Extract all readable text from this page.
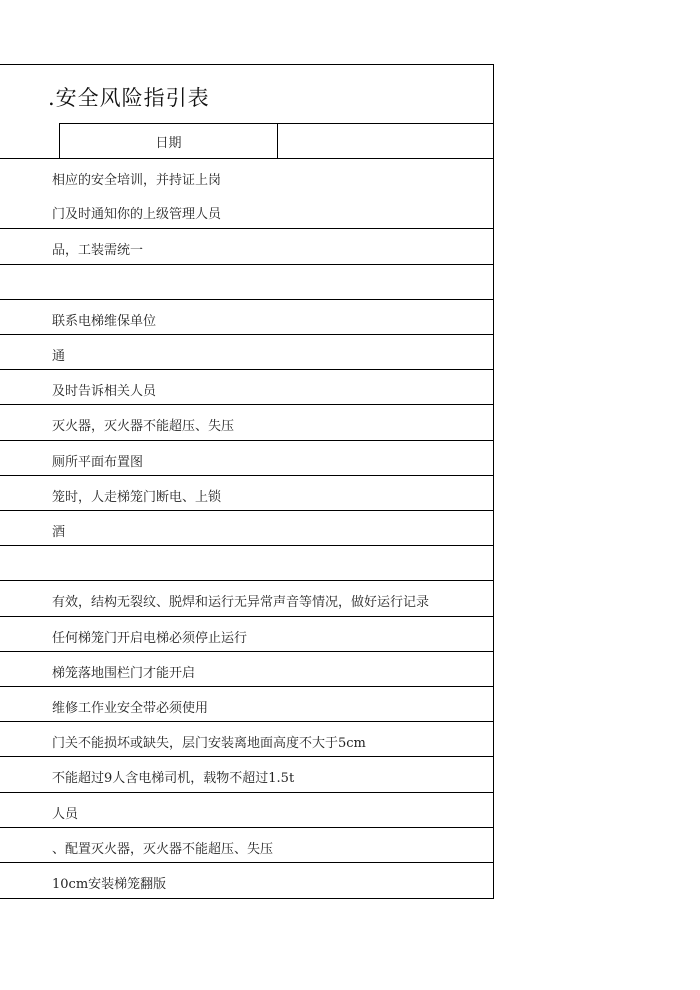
.安全风险指引表
日期
相应的安全培训，并持证上岗
门及时通知你的上级管理人员
品，工装需统一
联系电梯维保单位
通
及时告诉相关人员
灭火器，灭火器不能超压、失压
厕所平面布置图
笼时，人走梯笼门断电、上锁
酒
有效，结构无裂纹、脱焊和运行无异常声音等情况，做好运行记录
任何梯笼门开启电梯必须停止运行
梯笼落地围栏门才能开启
维修工作业安全带必须使用
门关不能损坏或缺失，层门安装离地面高度不大于5cm
不能超过9人含电梯司机，载物不超过1.5t
人员
、配置灭火器，灭火器不能超压、失压
10cm安装梯笼翻版
